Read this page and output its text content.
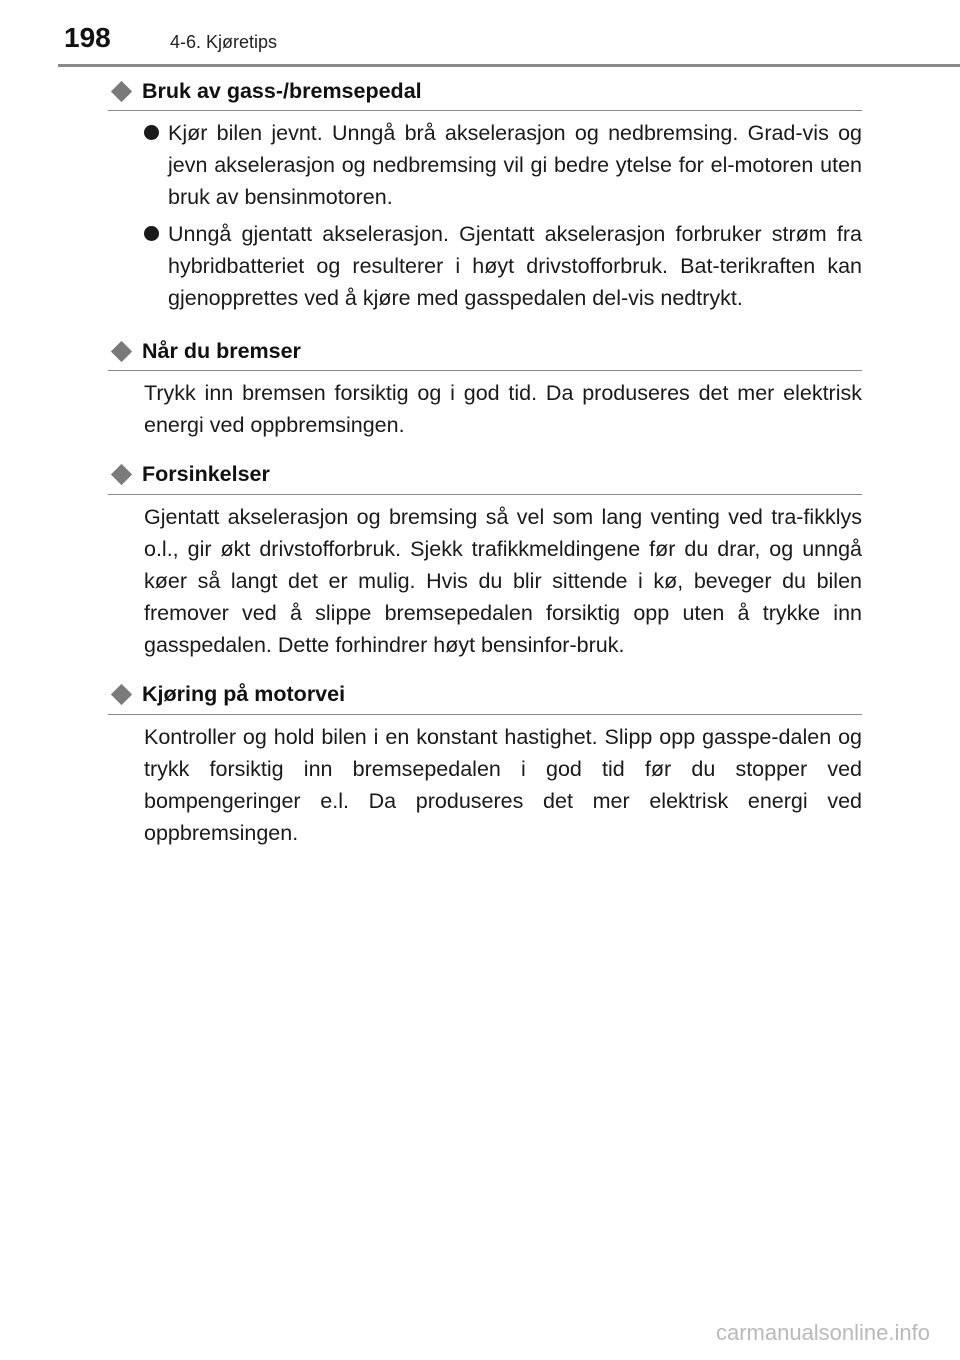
198	4-6. Kjøretips
Bruk av gass-/bremsepedal
Kjør bilen jevnt. Unngå brå akselerasjon og nedbremsing. Grad-vis og jevn akselerasjon og nedbremsing vil gi bedre ytelse for el-motoren uten bruk av bensinmotoren.
Unngå gjentatt akselerasjon. Gjentatt akselerasjon forbruker strøm fra hybridbatteriet og resulterer i høyt drivstofforbruk. Bat-terikraften kan gjenopprettes ved å kjøre med gasspedalen del-vis nedtrykt.
Når du bremser

Trykk inn bremsen forsiktig og i god tid. Da produseres det mer elektrisk energi ved oppbremsingen.

Forsinkelser

Gjentatt akselerasjon og bremsing så vel som lang venting ved tra-fikklys o.l., gir økt drivstofforbruk. Sjekk trafikkmeldingene før du drar, og unngå køer så langt det er mulig. Hvis du blir sittende i kø, beveger du bilen fremover ved å slippe bremsepedalen forsiktig opp uten å trykke inn gasspedalen. Dette forhindrer høyt bensinfor-bruk.

Kjøring på motorvei

Kontroller og hold bilen i en konstant hastighet. Slipp opp gasspe-dalen og trykk forsiktig inn bremsepedalen i god tid før du stopper ved bompengeringer e.l. Da produseres det mer elektrisk energi ved oppbremsingen.

carmanualsonline.info
